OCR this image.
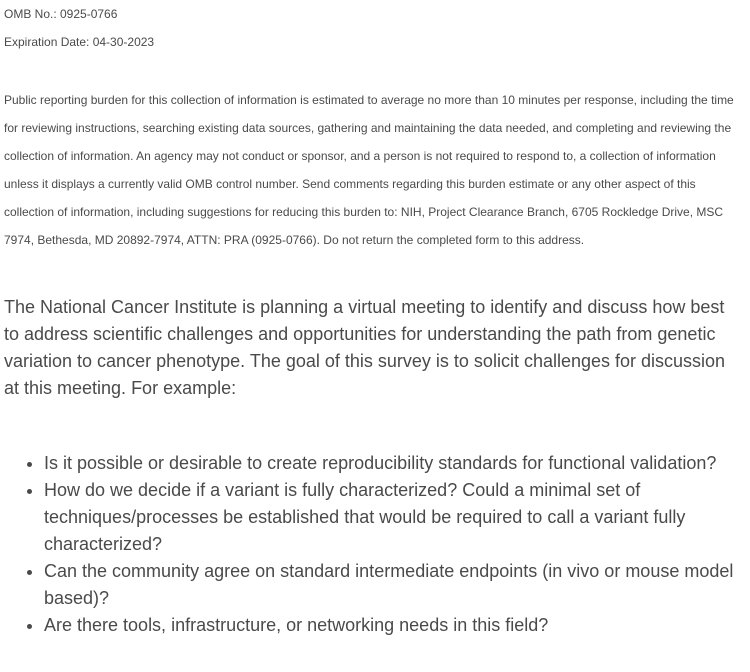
OMB No.: 0925-0766
Expiration Date: 04-30-2023

Public reporting burden for this collection of information is estimated to average no more than 10 minutes per response, including the time for reviewing instructions, searching existing data sources, gathering and maintaining the data needed, and completing and reviewing the collection of information. An agency may not conduct or sponsor, and a person is not required to respond to, a collection of information unless it displays a currently valid OMB control number. Send comments regarding this burden estimate or any other aspect of this collection of information, including suggestions for reducing this burden to: NIH, Project Clearance Branch, 6705 Rockledge Drive, MSC 7974, Bethesda, MD 20892-7974, ATTN: PRA (0925-0766). Do not return the completed form to this address.

The National Cancer Institute is planning a virtual meeting to identify and discuss how best to address scientific challenges and opportunities for understanding the path from genetic variation to cancer phenotype. The goal of this survey is to solicit challenges for discussion at this meeting. For example:

• Is it possible or desirable to create reproducibility standards for functional validation?
• How do we decide if a variant is fully characterized? Could a minimal set of techniques/processes be established that would be required to call a variant fully characterized?
• Can the community agree on standard intermediate endpoints (in vivo or mouse model based)?
• Are there tools, infrastructure, or networking needs in this field?
